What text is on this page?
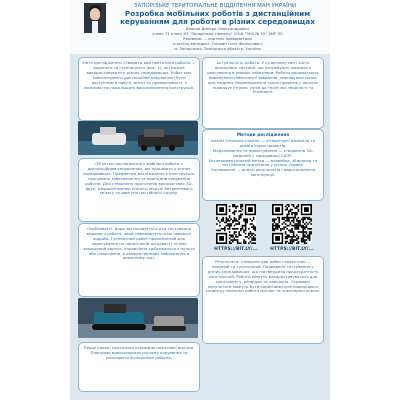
ЗАПОРІЗЬКЕ ТЕРИТОРІАЛЬНЕ ВІДДІЛЕННЯ МАН УКРАЇНИ
Розробка мобільних роботів з дистанційним керуванням для роботи в різних середовищах
Власов Дмитро Олександрович
учень 11 класу КЗ "Запорізька гімназія" СОШ "ЗНЗ № 10" ЗМР ЗО
Керівник: ... вчитель інформатики
вчитель-методист, Блохин Олег Феліксович
м. Запоріжжя, Запорізька область, Україна

Мета дослідження: створити два прототипи роботів — водяного та гусеничного (рис. 1), які можна використовувати в різних середовищах. Робот має забезпечувати дистанційне керування і бути доступним в побуті, освіті та промисловості, з можливістю подальшого вдосконалення конструкції.

Актуальність роботи. У сучасному світі часто виникають ситуації, що потребують швидкого реагування в умовах небезпеки. Роботи допомагають виконувати небезпечні завдання, зменшуючи ризик для людини. Впровадження таких проєктів у школах підвищує інтерес учнів до технічної творчості та інженерії.

Методи дослідження

Аналіз існуючих рішень — літературні джерела та досвід інших проєктів.

Моделювання та проєктування — створення 3D-моделей у середовищі САПР.

Експериментальний метод — розробка, збирання та тестування прототипів у різних умовах.

Оцінювання — аналіз результатів і вдосконалення конструкції.

Об'єктом дослідження є мобільні роботи з дистанційним керуванням, які працюють у різних середовищах. Предметом дослідження є конструкція, програмне забезпечення та принципи керування роботів. Для створення прототипів використано 3D-друк, мікроконтролер Arduino, модулі бездротового зв'язку та двигуни постійного струму.

HTTPS://BIT.LY/...	HTTPS://BIT.LY/...

Особливості: Вода застосовується для тестування водяного робота, який переміщується по поверхні водойм. Гусеничний робот призначений для пересування по пересіченій місцевості та має захищений корпус. Управління здійснюється з пульта або смартфона, а камера передає зображення в реальному часі.

Результати: створено два робочі прототипи — водяний та гусеничний. Проведено тестування у різних середовищах, що підтвердило працездатність конструкцій. Роботи можуть використовуватися для моніторингу, розвідки та навчання. Отримані результати можуть бути корисними для подальшого розвитку шкільної робототехніки та інженерної освіти.

Перші кроки: прототипи отримали позитивні відгуки. Плануємо вдосконалити систему керування та розширити функціонал роботів.
